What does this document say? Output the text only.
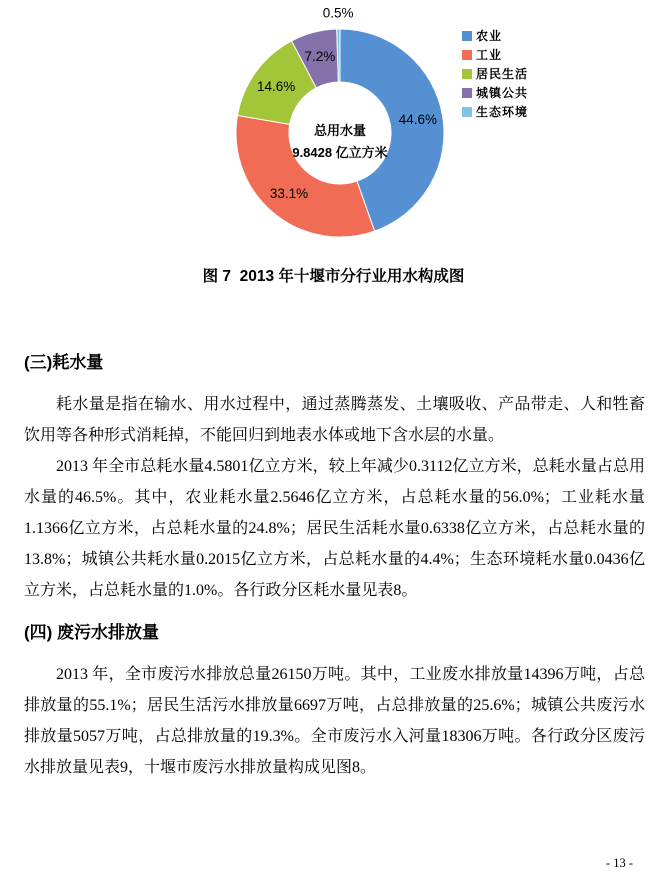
44.6%
33.1%
14.6%
7.2%
0.5%
总用水量
9.8428 亿立方米
农业
工业
居民生活
城镇公共
生态环境

图 7  2013 年十堰市分行业用水构成图

(三)耗水量

耗水量是指在输水、用水过程中，通过蒸腾蒸发、土壤吸收、产品带走、人和牲畜饮用等各种形式消耗掉，不能回归到地表水体或地下含水层的水量。

2013 年全市总耗水量4.5801亿立方米，较上年减少0.3112亿立方米，总耗水量占总用水量的46.5%。其中，农业耗水量2.5646亿立方米，占总耗水量的56.0%；工业耗水量1.1366亿立方米，占总耗水量的24.8%；居民生活耗水量0.6338亿立方米，占总耗水量的13.8%；城镇公共耗水量0.2015亿立方米，占总耗水量的4.4%；生态环境耗水量0.0436亿立方米，占总耗水量的1.0%。各行政分区耗水量见表8。

(四) 废污水排放量

2013 年，全市废污水排放总量26150万吨。其中，工业废水排放量14396万吨，占总排放量的55.1%；居民生活污水排放量6697万吨，占总排放量的25.6%；城镇公共废污水排放量5057万吨，占总排放量的19.3%。全市废污水入河量18306万吨。各行政分区废污水排放量见表9，十堰市废污水排放量构成见图8。

- 13 -
